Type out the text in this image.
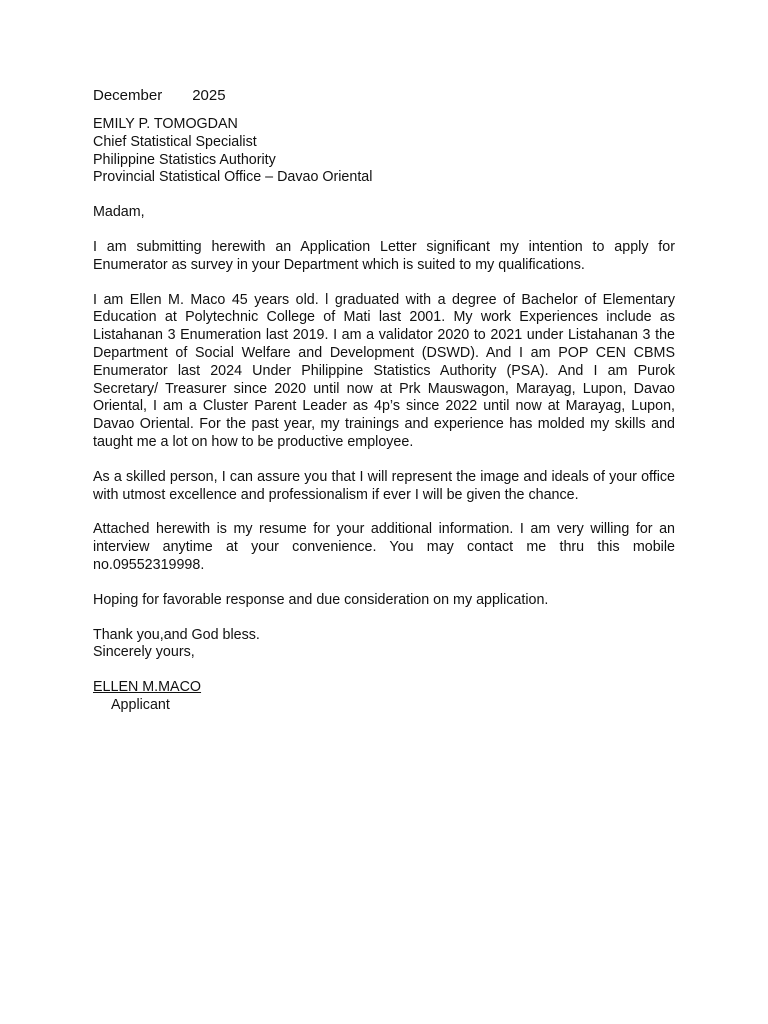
December 2025
EMILY P. TOMOGDAN
Chief Statistical Specialist
Philippine Statistics Authority
Provincial Statistical Office – Davao Oriental
Madam,
I am submitting herewith an Application Letter significant my intention to apply for Enumerator as survey in your Department which is suited to my qualifications.
I am Ellen M. Maco 45 years old. l graduated with a degree of Bachelor of Elementary Education at Polytechnic College of Mati last 2001. My work Experiences include as Listahanan 3 Enumeration last 2019. I am a validator 2020 to 2021 under Listahanan 3 the Department of Social Welfare and Development (DSWD). And I am POP CEN CBMS Enumerator last 2024 Under Philippine Statistics Authority (PSA). And I am Purok Secretary/ Treasurer since 2020 until now at Prk Mauswagon, Marayag, Lupon, Davao Oriental, I am a Cluster Parent Leader as 4p’s since 2022 until now at Marayag, Lupon, Davao Oriental. For the past year, my trainings and experience has molded my skills and taught me a lot on how to be productive employee.
As a skilled person, I can assure you that I will represent the image and ideals of your office with utmost excellence and professionalism if ever I will be given the chance.
Attached herewith is my resume for your additional information. I am very willing for an interview anytime at your convenience. You may contact me thru this mobile no.09552319998.
Hoping for favorable response and due consideration on my application.
Thank you,and God bless.
Sincerely yours,
ELLEN M.MACO
Applicant
